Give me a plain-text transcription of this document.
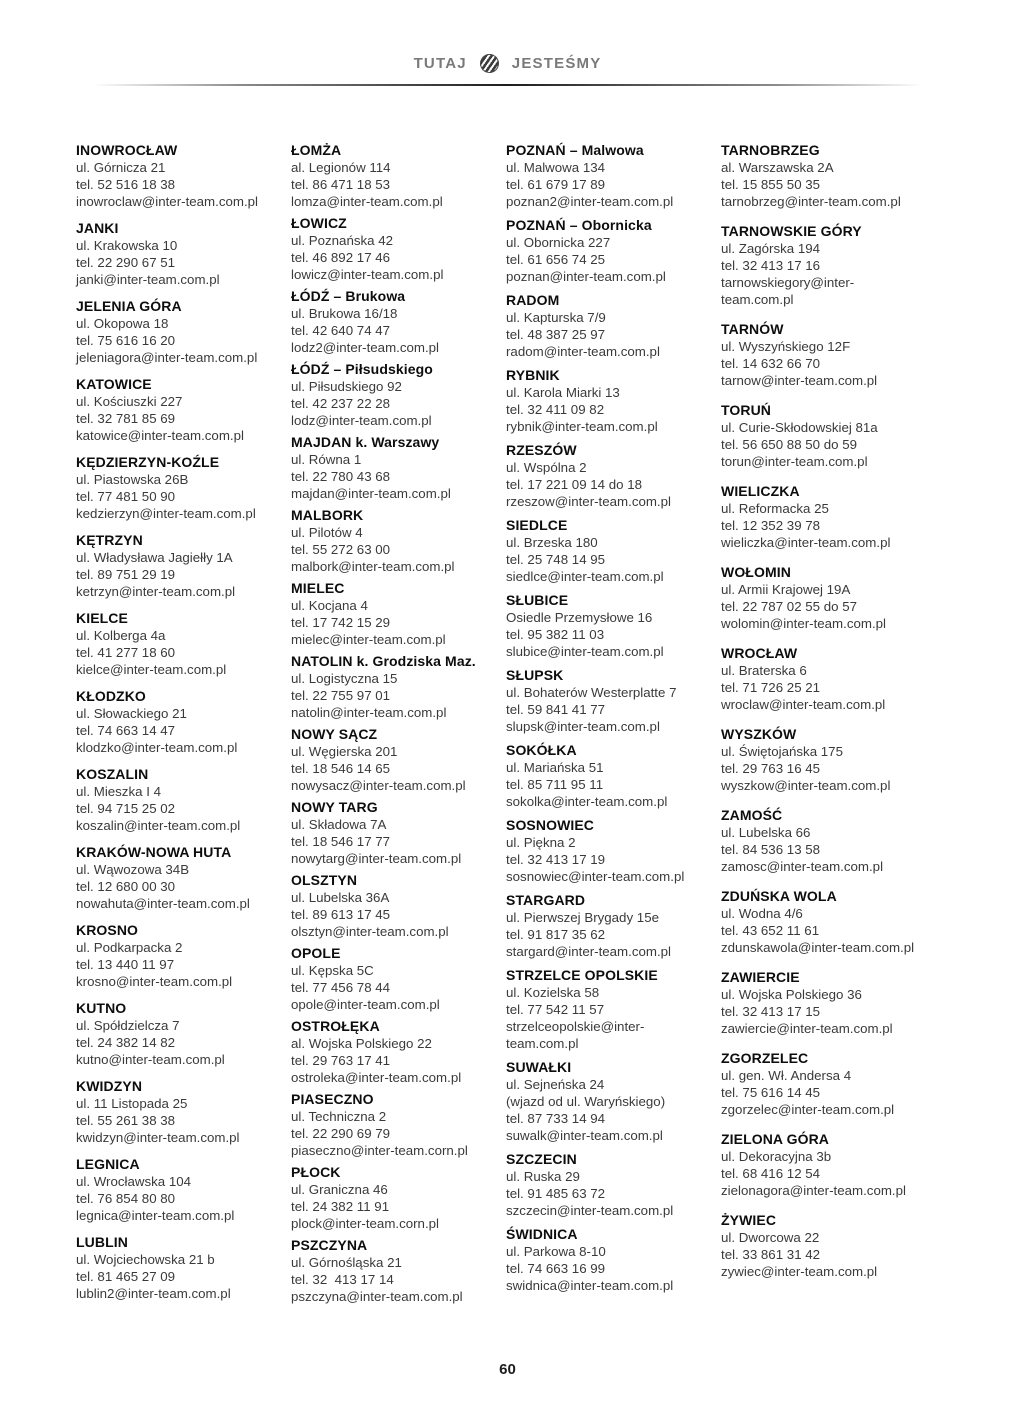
TUTAJ	JESTEŚMY
INOWROCŁAW

ul. Górnicza 21

tel. 52 516 18 38

inowroclaw@inter-team.com.pl

JANKI

ul. Krakowska 10

tel. 22 290 67 51

janki@inter-team.com.pl

JELENIA GÓRA

ul. Okopowa 18

tel. 75 616 16 20

jeleniagora@inter-team.com.pl

KATOWICE

ul. Kościuszki 227

tel. 32 781 85 69

katowice@inter-team.com.pl

KĘDZIERZYN-KOŹLE

ul. Piastowska 26B

tel. 77 481 50 90

kedzierzyn@inter-team.com.pl

KĘTRZYN

ul. Władysława Jagiełły 1A

tel. 89 751 29 19

ketrzyn@inter-team.com.pl

KIELCE

ul. Kolberga 4a

tel. 41 277 18 60

kielce@inter-team.com.pl

KŁODZKO

ul. Słowackiego 21

tel. 74 663 14 47

klodzko@inter-team.com.pl

KOSZALIN

ul. Mieszka I 4

tel. 94 715 25 02

koszalin@inter-team.com.pl

KRAKÓW-NOWA HUTA

ul. Wąwozowa 34B

tel. 12 680 00 30

nowahuta@inter-team.com.pl

KROSNO

ul. Podkarpacka 2

tel. 13 440 11 97

krosno@inter-team.com.pl

KUTNO

ul. Spółdzielcza 7

tel. 24 382 14 82

kutno@inter-team.com.pl

KWIDZYN

ul. 11 Listopada 25

tel. 55 261 38 38

kwidzyn@inter-team.com.pl

LEGNICA

ul. Wrocławska 104

tel. 76 854 80 80

legnica@inter-team.com.pl

LUBLIN

ul. Wojciechowska 21 b

tel. 81 465 27 09

lublin2@inter-team.com.pl

ŁOMŻA

al. Legionów 114

tel. 86 471 18 53

lomza@inter-team.com.pl

ŁOWICZ

ul. Poznańska 42

tel. 46 892 17 46

lowicz@inter-team.com.pl

ŁÓDŹ – Brukowa

ul. Brukowa 16/18

tel. 42 640 74 47

lodz2@inter-team.com.pl

ŁÓDŹ – Piłsudskiego

ul. Piłsudskiego 92

tel. 42 237 22 28

lodz@inter-team.com.pl

MAJDAN k. Warszawy

ul. Równa 1

tel. 22 780 43 68

majdan@inter-team.com.pl

MALBORK

ul. Pilotów 4

tel. 55 272 63 00

malbork@inter-team.com.pl

MIELEC

ul. Kocjana 4

tel. 17 742 15 29

mielec@inter-team.com.pl

NATOLIN k. Grodziska Maz.

ul. Logistyczna 15

tel. 22 755 97 01

natolin@inter-team.com.pl

NOWY SĄCZ

ul. Węgierska 201

tel. 18 546 14 65

nowysacz@inter-team.com.pl

NOWY TARG

ul. Składowa 7A

tel. 18 546 17 77

nowytarg@inter-team.com.pl

OLSZTYN

ul. Lubelska 36A

tel. 89 613 17 45

olsztyn@inter-team.com.pl

OPOLE

ul. Kępska 5C

tel. 77 456 78 44

opole@inter-team.com.pl

OSTROŁĘKA

al. Wojska Polskiego 22

tel. 29 763 17 41

ostroleka@inter-team.com.pl

PIASECZNO

ul. Techniczna 2

tel. 22 290 69 79

piaseczno@inter-team.corn.pl

PŁOCK

ul. Graniczna 46

tel. 24 382 11 91

plock@inter-team.corn.pl

PSZCZYNA

ul. Górnośląska 21

tel. 32  413 17 14

pszczyna@inter-team.com.pl

POZNAŃ – Malwowa

ul. Malwowa 134

tel. 61 679 17 89

poznan2@inter-team.com.pl

POZNAŃ – Obornicka

ul. Obornicka 227

tel. 61 656 74 25

poznan@inter-team.com.pl

RADOM

ul. Kapturska 7/9

tel. 48 387 25 97

radom@inter-team.com.pl

RYBNIK

ul. Karola Miarki 13

tel. 32 411 09 82

rybnik@inter-team.com.pl

RZESZÓW

ul. Wspólna 2

tel. 17 221 09 14 do 18

rzeszow@inter-team.com.pl

SIEDLCE

ul. Brzeska 180

tel. 25 748 14 95

siedlce@inter-team.com.pl

SŁUBICE

Osiedle Przemysłowe 16

tel. 95 382 11 03

slubice@inter-team.com.pl

SŁUPSK

ul. Bohaterów Westerplatte 7

tel. 59 841 41 77

slupsk@inter-team.com.pl

SOKÓŁKA

ul. Mariańska 51

tel. 85 711 95 11

sokolka@inter-team.com.pl

SOSNOWIEC

ul. Piękna 2

tel. 32 413 17 19

sosnowiec@inter-team.com.pl

STARGARD

ul. Pierwszej Brygady 15e

tel. 91 817 35 62

stargard@inter-team.com.pl

STRZELCE OPOLSKIE

ul. Kozielska 58

tel. 77 542 11 57

strzelceopolskie@inter-team.com.pl

SUWAŁKI

ul. Sejneńska 24

(wjazd od ul. Waryńskiego)

tel. 87 733 14 94

suwalk@inter-team.com.pl

SZCZECIN

ul. Ruska 29

tel. 91 485 63 72

szczecin@inter-team.com.pl

ŚWIDNICA

ul. Parkowa 8-10

tel. 74 663 16 99

swidnica@inter-team.com.pl

TARNOBRZEG

al. Warszawska 2A

tel. 15 855 50 35

tarnobrzeg@inter-team.com.pl

TARNOWSKIE GÓRY

ul. Zagórska 194

tel. 32 413 17 16

tarnowskiegory@inter-team.com.pl

TARNÓW

ul. Wyszyńskiego 12F

tel. 14 632 66 70

tarnow@inter-team.com.pl

TORUŃ

ul. Curie-Skłodowskiej 81a

tel. 56 650 88 50 do 59

torun@inter-team.com.pl

WIELICZKA

ul. Reformacka 25

tel. 12 352 39 78

wieliczka@inter-team.com.pl

WOŁOMIN

ul. Armii Krajowej 19A

tel. 22 787 02 55 do 57

wolomin@inter-team.com.pl

WROCŁAW

ul. Braterska 6

tel. 71 726 25 21

wroclaw@inter-team.com.pl

WYSZKÓW

ul. Świętojańska 175

tel. 29 763 16 45

wyszkow@inter-team.com.pl

ZAMOŚĆ

ul. Lubelska 66

tel. 84 536 13 58

zamosc@inter-team.com.pl

ZDUŃSKA WOLA

ul. Wodna 4/6

tel. 43 652 11 61

zdunskawola@inter-team.com.pl

ZAWIERCIE

ul. Wojska Polskiego 36

tel. 32 413 17 15

zawiercie@inter-team.com.pl

ZGORZELEC

ul. gen. Wł. Andersa 4

tel. 75 616 14 45

zgorzelec@inter-team.com.pl

ZIELONA GÓRA

ul. Dekoracyjna 3b

tel. 68 416 12 54

zielonagora@inter-team.com.pl

ŻYWIEC

ul. Dworcowa 22

tel. 33 861 31 42

zywiec@inter-team.com.pl

60
